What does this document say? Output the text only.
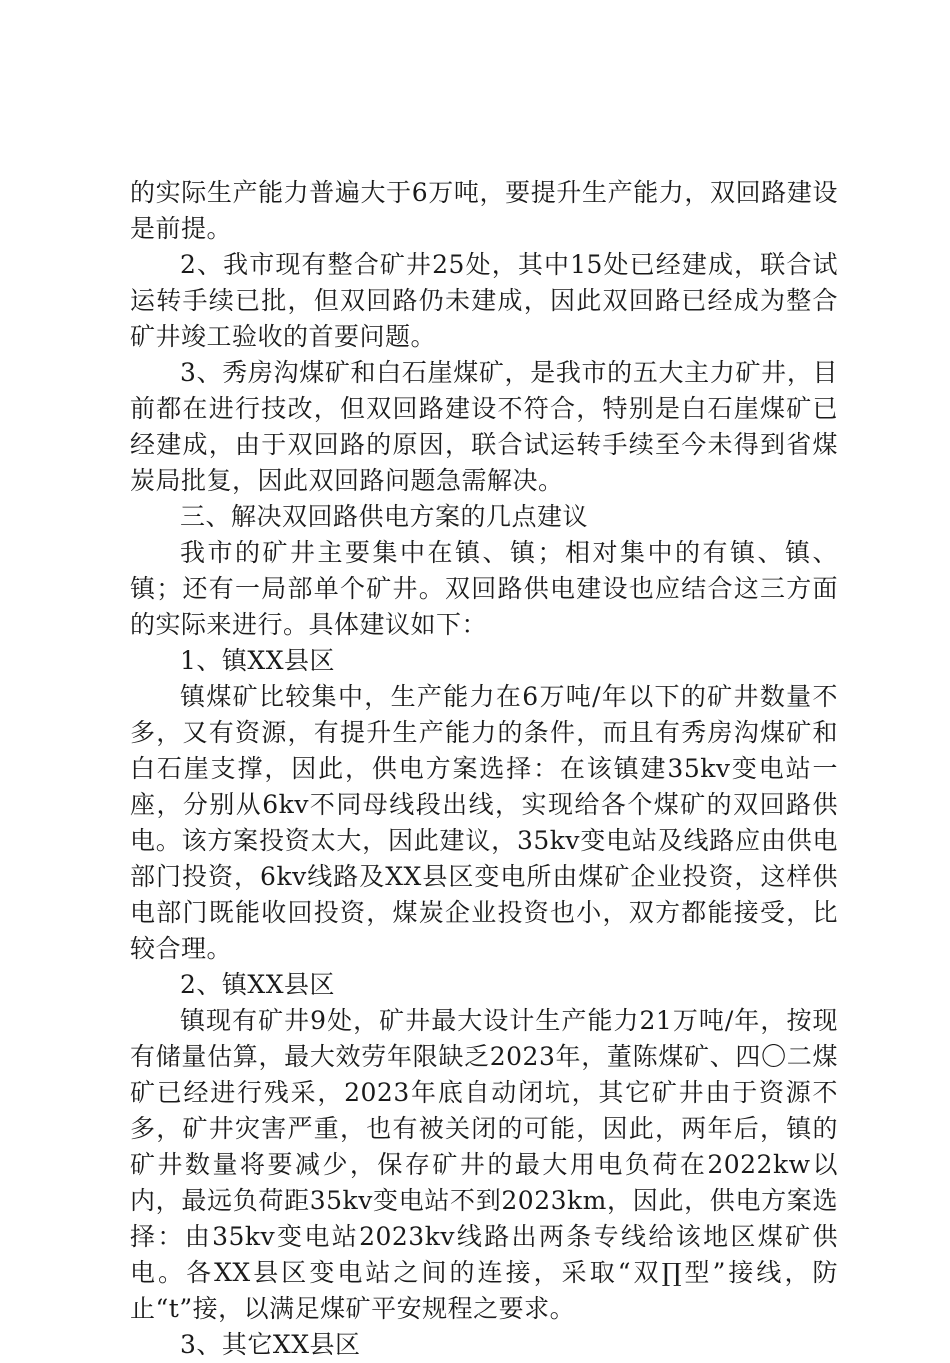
的实际生产能力普遍大于6万吨，要提升生产能力，双回路建设是前提。

2、我市现有整合矿井25处，其中15处已经建成，联合试运转手续已批，但双回路仍未建成，因此双回路已经成为整合矿井竣工验收的首要问题。

3、秀房沟煤矿和白石崖煤矿，是我市的五大主力矿井，目前都在进行技改，但双回路建设不符合，特别是白石崖煤矿已经建成，由于双回路的原因，联合试运转手续至今未得到省煤炭局批复，因此双回路问题急需解决。

三、解决双回路供电方案的几点建议

我市的矿井主要集中在镇、镇；相对集中的有镇、镇、镇；还有一局部单个矿井。双回路供电建设也应结合这三方面的实际来进行。具体建议如下：

1、镇XX县区

镇煤矿比较集中，生产能力在6万吨/年以下的矿井数量不多，又有资源，有提升生产能力的条件，而且有秀房沟煤矿和白石崖支撑，因此，供电方案选择：在该镇建35kv变电站一座，分别从6kv不同母线段出线，实现给各个煤矿的双回路供电。该方案投资太大，因此建议，35kv变电站及线路应由供电部门投资，6kv线路及XX县区变电所由煤矿企业投资，这样供电部门既能收回投资，煤炭企业投资也小，双方都能接受，比较合理。

2、镇XX县区

镇现有矿井9处，矿井最大设计生产能力21万吨/年，按现有储量估算，最大效劳年限缺乏2023年，董陈煤矿、四〇二煤矿已经进行残采，2023年底自动闭坑，其它矿井由于资源不多，矿井灾害严重，也有被关闭的可能，因此，两年后，镇的矿井数量将要减少，保存矿井的最大用电负荷在2022kw以内，最远负荷距35kv变电站不到2023km，因此，供电方案选择：由35kv变电站2023kv线路出两条专线给该地区煤矿供电。各XX县区变电站之间的连接，采取“双∏型”接线，防止“t”接，以满足煤矿平安规程之要求。

3、其它XX县区
